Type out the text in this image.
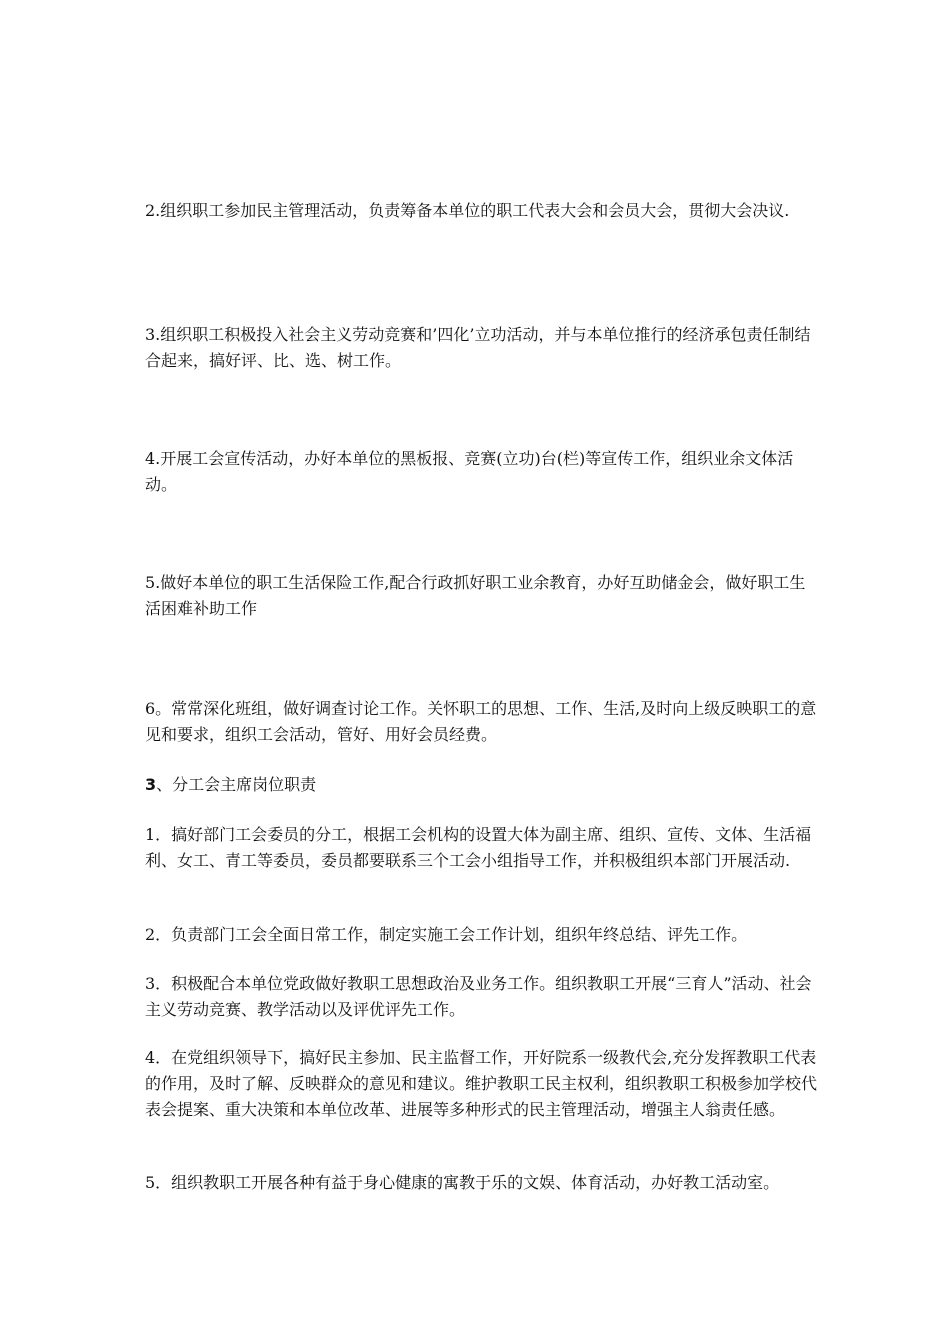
2.组织职工参加民主管理活动，负责筹备本单位的职工代表大会和会员大会，贯彻大会决议.

3.组织职工积极投入社会主义劳动竞赛和’四化’立功活动，并与本单位推行的经济承包责任制结合起来，搞好评、比、选、树工作。

4.开展工会宣传活动，办好本单位的黑板报、竞赛(立功)台(栏)等宣传工作，组织业余文体活动。

5.做好本单位的职工生活保险工作,配合行政抓好职工业余教育，办好互助储金会，做好职工生活困难补助工作

6。常常深化班组，做好调查讨论工作。关怀职工的思想、工作、生活,及时向上级反映职工的意见和要求，组织工会活动，管好、用好会员经费。

3、分工会主席岗位职责

1．搞好部门工会委员的分工，根据工会机构的设置大体为副主席、组织、宣传、文体、生活福利、女工、青工等委员，委员都要联系三个工会小组指导工作，并积极组织本部门开展活动.

2．负责部门工会全面日常工作，制定实施工会工作计划，组织年终总结、评先工作。

3．积极配合本单位党政做好教职工思想政治及业务工作。组织教职工开展“三育人”活动、社会主义劳动竞赛、教学活动以及评优评先工作。

4．在党组织领导下，搞好民主参加、民主监督工作，开好院系一级教代会,充分发挥教职工代表的作用，及时了解、反映群众的意见和建议。维护教职工民主权利，组织教职工积极参加学校代表会提案、重大决策和本单位改革、进展等多种形式的民主管理活动，增强主人翁责任感。

5．组织教职工开展各种有益于身心健康的寓教于乐的文娱、体育活动，办好教工活动室。
